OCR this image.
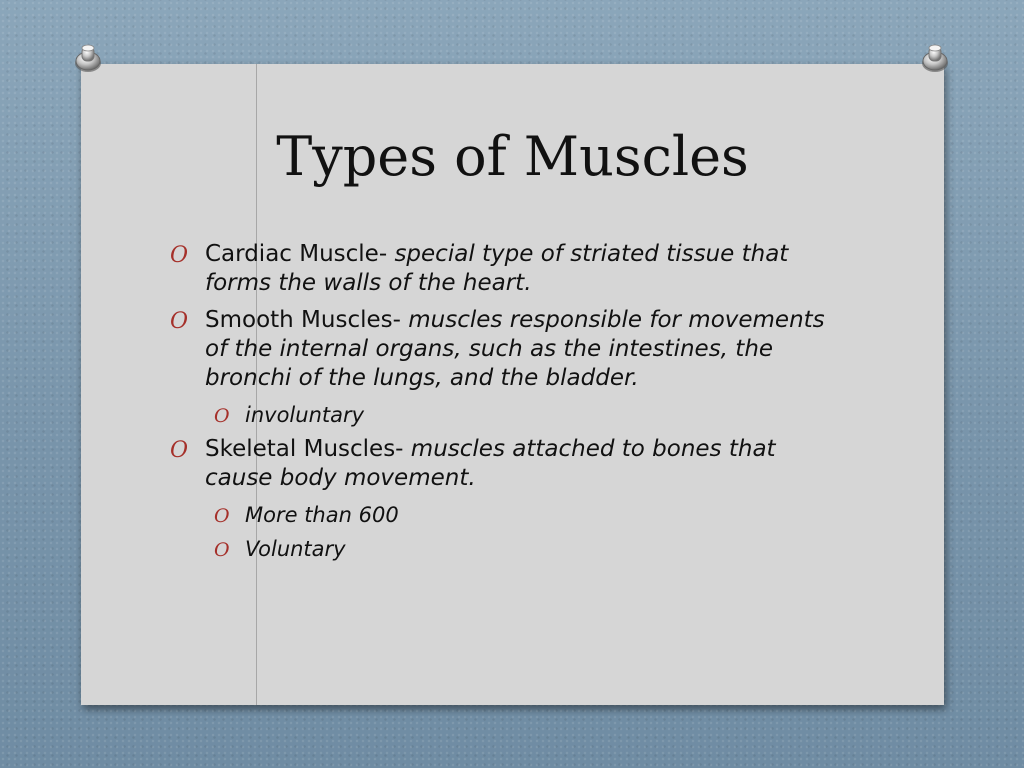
Types of Muscles
O Cardiac Muscle- special type of striated tissue that forms the walls of the heart.
O Smooth Muscles- muscles responsible for movements of the internal organs, such as the intestines, the bronchi of the lungs, and the bladder.
O involuntary
O Skeletal Muscles- muscles attached to bones that cause body movement.
O More than 600
O Voluntary
